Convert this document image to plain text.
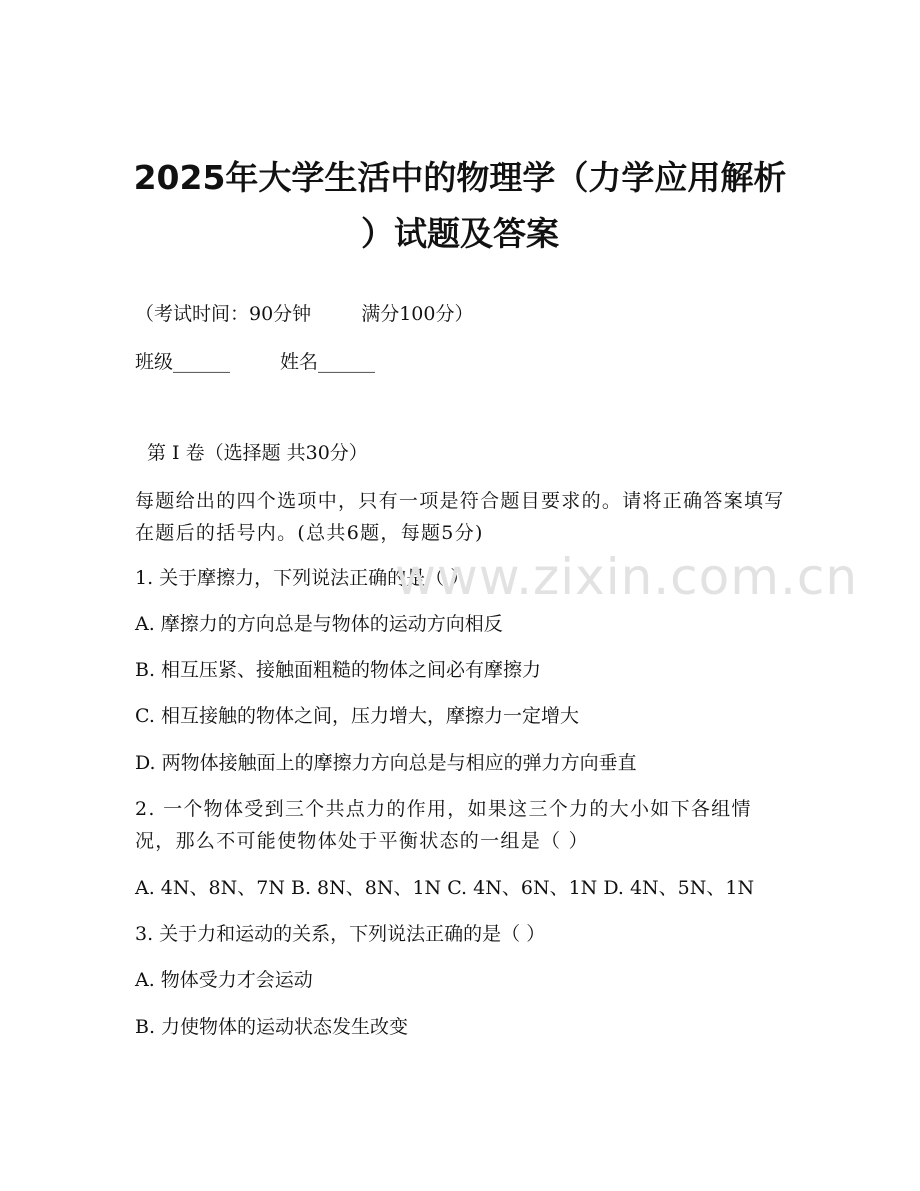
2025年大学生活中的物理学（力学应用解析
）试题及答案
（考试时间：90分钟	满分100分）
班级______	姓名______
第 I 卷（选择题 共30分）
每题给出的四个选项中，只有一项是符合题目要求的。请将正确答案填写在题后的括号内。(总共6题，每题5分)
1. 关于摩擦力，下列说法正确的是（ ）
A. 摩擦力的方向总是与物体的运动方向相反
B. 相互压紧、接触面粗糙的物体之间必有摩擦力
C. 相互接触的物体之间，压力增大，摩擦力一定增大
D. 两物体接触面上的摩擦力方向总是与相应的弹力方向垂直
2. 一个物体受到三个共点力的作用，如果这三个力的大小如下各组情况，那么不可能使物体处于平衡状态的一组是（ ）
A. 4N、8N、7N B. 8N、8N、1N C. 4N、6N、1N D. 4N、5N、1N
3. 关于力和运动的关系，下列说法正确的是（ ）
A. 物体受力才会运动
B. 力使物体的运动状态发生改变
www.zixin.com.cn
